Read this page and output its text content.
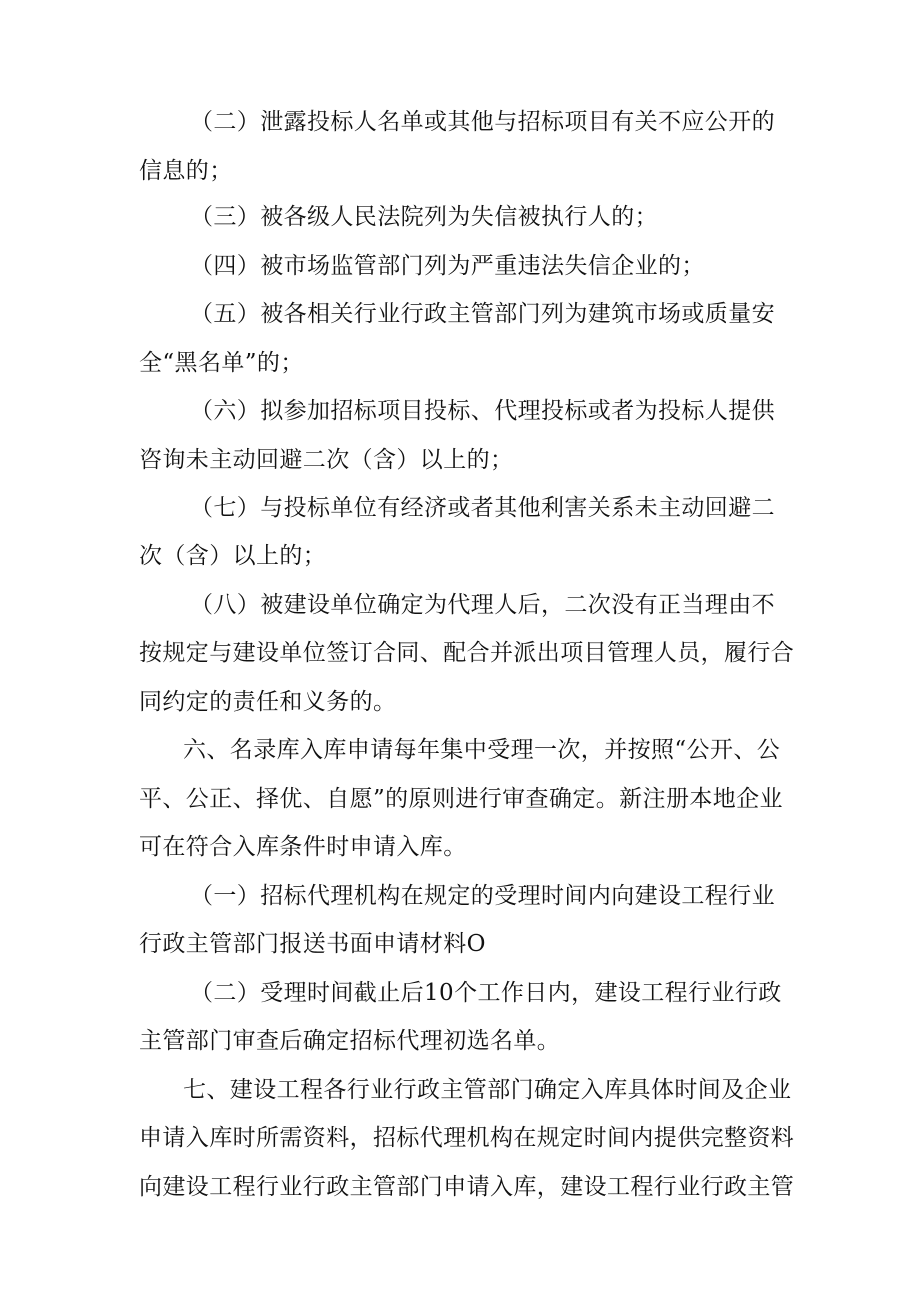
（二）泄露投标人名单或其他与招标项目有关不应公开的
信息的；
（三）被各级人民法院列为失信被执行人的；
（四）被市场监管部门列为严重违法失信企业的；
（五）被各相关行业行政主管部门列为建筑市场或质量安
全“黑名单”的；
（六）拟参加招标项目投标、代理投标或者为投标人提供
咨询未主动回避二次（含）以上的；
（七）与投标单位有经济或者其他利害关系未主动回避二
次（含）以上的；
（八）被建设单位确定为代理人后，二次没有正当理由不
按规定与建设单位签订合同、配合并派出项目管理人员，履行合
同约定的责任和义务的。
六、名录库入库申请每年集中受理一次，并按照“公开、公
平、公正、择优、自愿”的原则进行审查确定。新注册本地企业
可在符合入库条件时申请入库。
（一）招标代理机构在规定的受理时间内向建设工程行业
行政主管部门报送书面申请材料O
（二）受理时间截止后10个工作日内，建设工程行业行政
主管部门审查后确定招标代理初选名单。
七、建设工程各行业行政主管部门确定入库具体时间及企业
申请入库时所需资料，招标代理机构在规定时间内提供完整资料
向建设工程行业行政主管部门申请入库，建设工程行业行政主管
